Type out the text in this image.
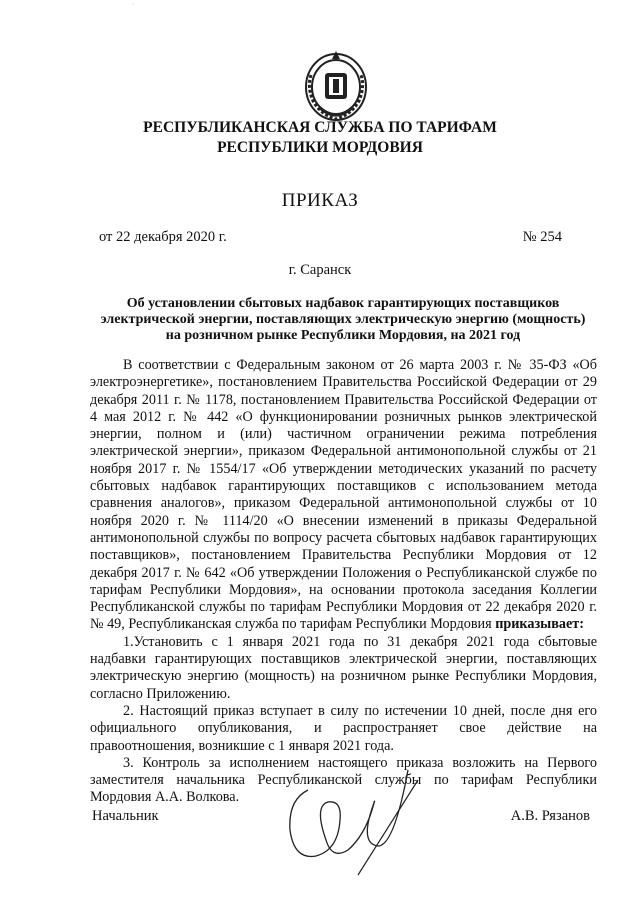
·
РЕСПУБЛИКАНСКАЯ СЛУЖБА ПО ТАРИФАМ
РЕСПУБЛИКИ МОРДОВИЯ
ПРИКАЗ
от 22 декабря 2020 г.	№ 254
г. Саранск
Об установлении сбытовых надбавок гарантирующих поставщиков
электрической энергии, поставляющих электрическую энергию (мощность)
на розничном рынке Республики Мордовия, на 2021 год

В соответствии с Федеральным законом от 26 марта 2003 г. № 35-ФЗ «Об электроэнергетике», постановлением Правительства Российской Федерации от 29 декабря 2011 г. № 1178, постановлением Правительства Российской Федерации от 4 мая 2012 г. № 442 «О функционировании розничных рынков электрической энергии, полном и (или) частичном ограничении режима потребления электрической энергии», приказом Федеральной антимонопольной службы от 21 ноября 2017 г. № 1554/17 «Об утверждении методических указаний по расчету сбытовых надбавок гарантирующих поставщиков с использованием метода сравнения аналогов», приказом Федеральной антимонопольной службы от 10 ноября 2020 г. № 1114/20 «О внесении изменений в приказы Федеральной антимонопольной службы по вопросу расчета сбытовых надбавок гарантирующих поставщиков», постановлением Правительства Республики Мордовия от 12 декабря 2017 г. № 642 «Об утверждении Положения о Республиканской службе по тарифам Республики Мордовия», на основании протокола заседания Коллегии Республиканской службы по тарифам Республики Мордовия от 22 декабря 2020 г. № 49, Республиканская служба по тарифам Республики Мордовия приказывает:

1.Установить с 1 января 2021 года по 31 декабря 2021 года сбытовые надбавки гарантирующих поставщиков электрической энергии, поставляющих электрическую энергию (мощность) на розничном рынке Республики Мордовия, согласно Приложению.

2. Настоящий приказ вступает в силу по истечении 10 дней, после дня его официального опубликования, и распространяет свое действие на правоотношения, возникшие с 1 января 2021 года.

3. Контроль за исполнением настоящего приказа возложить на Первого заместителя начальника Республиканской службы по тарифам Республики Мордовия А.А. Волкова.

Начальник	А.В. Рязанов
